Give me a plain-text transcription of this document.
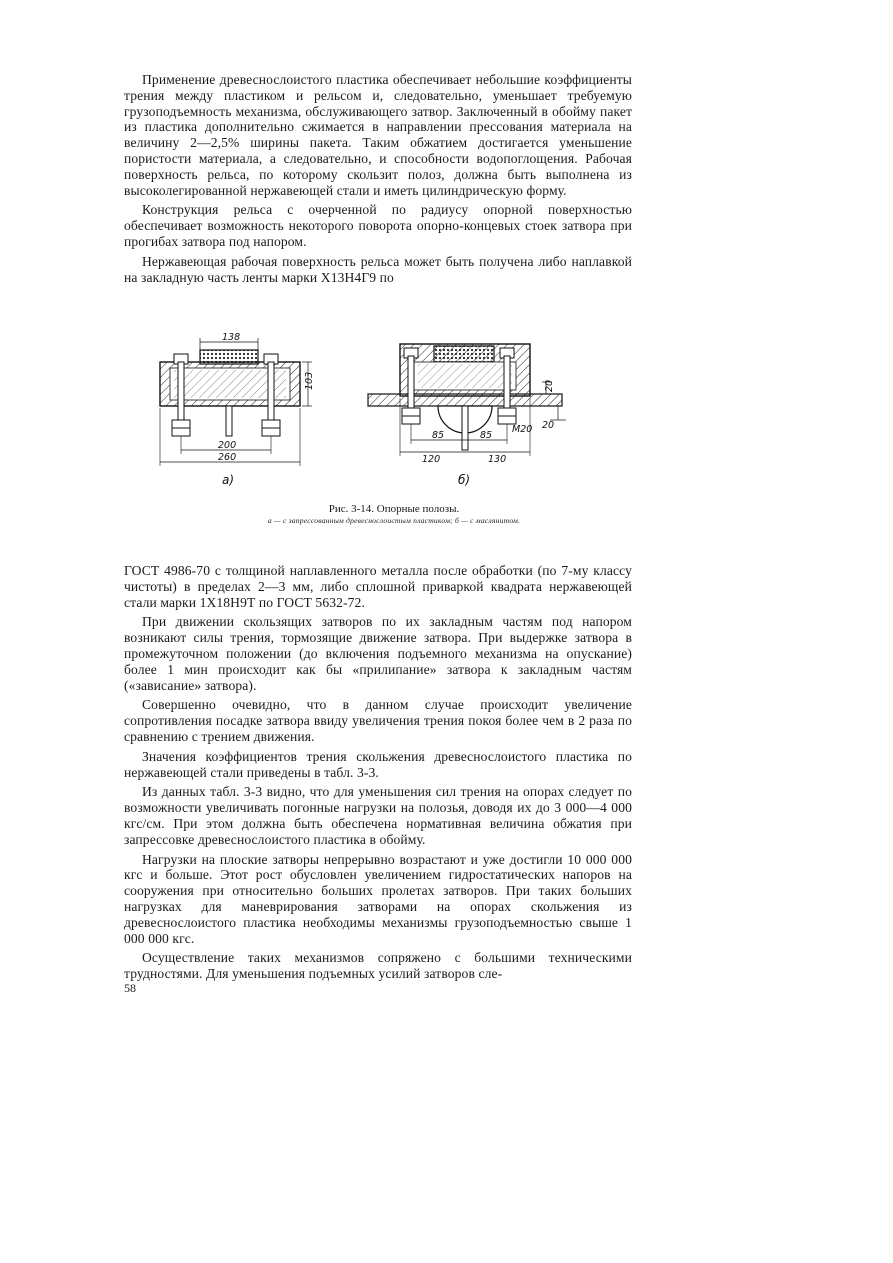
Применение древеснослоистого пластика обеспечивает небольшие коэффициенты трения между пластиком и рельсом и, следовательно, уменьшает требуемую грузоподъемность механизма, обслуживающего затвор. Заключенный в обойму пакет из пластика дополнительно сжимается в направлении прессования материала на величину 2—2,5% ширины пакета. Таким обжатием достигается уменьшение пористости материала, а следовательно, и способности водопоглощения. Рабочая поверхность рельса, по которому скользит полоз, должна быть выполнена из высоколегированной нержавеющей стали и иметь цилиндрическую форму.

Конструкция рельса с очерченной по радиусу опорной поверхностью обеспечивает возможность некоторого поворота опорно-концевых стоек затвора при прогибах затвора под напором.

Нержавеющая рабочая поверхность рельса может быть получена либо наплавкой на закладную часть ленты марки Х13Н4Г9 по

138
103
200
260
а)
20
M20 20
85	85
120	130
б)
Рис. 3-14. Опорные полозы.
а — с запрессованным древеснослоистым пластиком; б — с маслянитом.

ГОСТ 4986-70 с толщиной наплавленного металла после обработки (по 7-му классу чистоты) в пределах 2—3 мм, либо сплошной приваркой квадрата нержавеющей стали марки 1Х18Н9Т по ГОСТ 5632-72.

При движении скользящих затворов по их закладным частям под напором возникают силы трения, тормозящие движение затвора. При выдержке затвора в промежуточном положении (до включения подъемного механизма на опускание) более 1 мин происходит как бы «прилипание» затвора к закладным частям («зависание» затвора).

Совершенно очевидно, что в данном случае происходит увеличение сопротивления посадке затвора ввиду увеличения трения покоя более чем в 2 раза по сравнению с трением движения.

Значения коэффициентов трения скольжения древеснослоистого пластика по нержавеющей стали приведены в табл. 3-3.

Из данных табл. 3-3 видно, что для уменьшения сил трения на опорах следует по возможности увеличивать погонные нагрузки на полозья, доводя их до 3 000—4 000 кгс/см. При этом должна быть обеспечена нормативная величина обжатия при запрессовке древеснослоистого пластика в обойму.

Нагрузки на плоские затворы непрерывно возрастают и уже достигли 10 000 000 кгс и больше. Этот рост обусловлен увеличением гидростатических напоров на сооружения при относительно больших пролетах затворов. При таких больших нагрузках для маневрирования затворами на опорах скольжения из древеснослоистого пластика необходимы механизмы грузоподъемностью свыше 1 000 000 кгс.

Осуществление таких механизмов сопряжено с большими техническими трудностями. Для уменьшения подъемных усилий затворов сле-

58
